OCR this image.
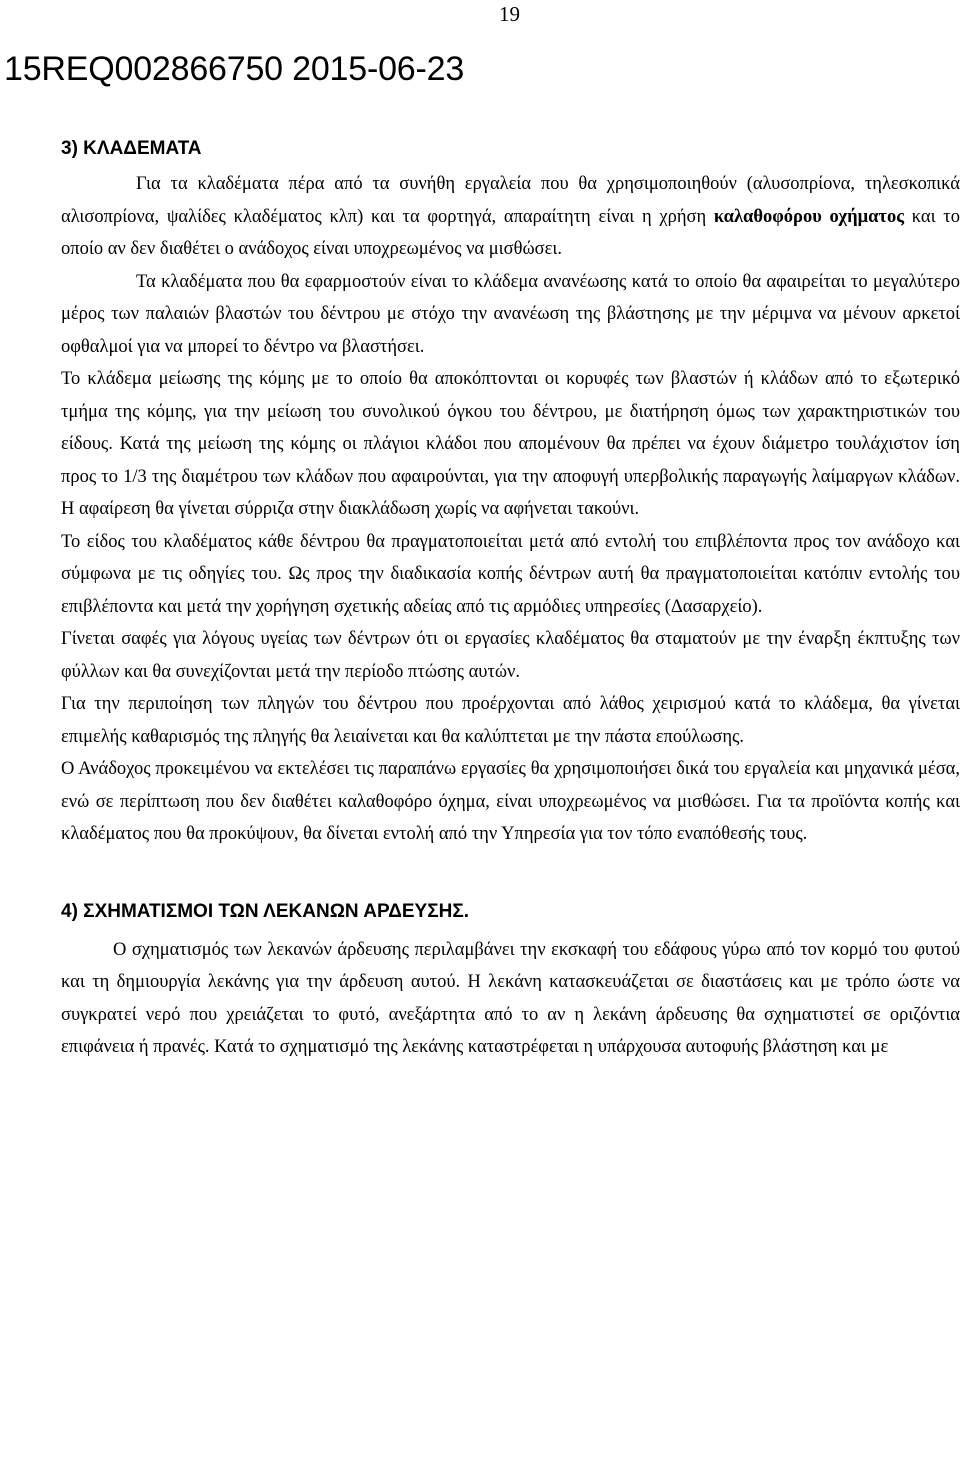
19
15REQ002866750 2015-06-23
3) ΚΛΑΔΕΜΑΤΑ

Για τα κλαδέματα πέρα από τα συνήθη εργαλεία που θα χρησιμοποιηθούν (αλυσοπρίονα, τηλεσκοπικά αλισοπρίονα, ψαλίδες κλαδέματος κλπ) και τα φορτηγά, απαραίτητη είναι η χρήση καλαθοφόρου οχήματος και το οποίο αν δεν διαθέτει ο ανάδοχος είναι υποχρεωμένος να μισθώσει.

Τα κλαδέματα που θα εφαρμοστούν είναι το κλάδεμα ανανέωσης κατά το οποίο θα αφαιρείται το μεγαλύτερο μέρος των παλαιών βλαστών του δέντρου με στόχο την ανανέωση της βλάστησης με την μέριμνα να μένουν αρκετοί οφθαλμοί για να μπορεί το δέντρο να βλαστήσει.

Το κλάδεμα μείωσης της κόμης με το οποίο θα αποκόπτονται οι κορυφές των βλαστών ή κλάδων από το εξωτερικό τμήμα της κόμης, για την μείωση του συνολικού όγκου του δέντρου, με διατήρηση όμως των χαρακτηριστικών του είδους. Κατά της μείωση της κόμης οι πλάγιοι κλάδοι που απομένουν θα πρέπει να έχουν διάμετρο τουλάχιστον ίση προς το 1/3 της διαμέτρου των κλάδων που αφαιρούνται, για την αποφυγή υπερβολικής παραγωγής λαίμαργων κλάδων. Η αφαίρεση θα γίνεται σύρριζα στην διακλάδωση χωρίς να αφήνεται τακούνι.

Το είδος του κλαδέματος κάθε δέντρου θα πραγματοποιείται μετά από εντολή του επιβλέποντα προς τον ανάδοχο και σύμφωνα με τις οδηγίες του. Ως προς την διαδικασία κοπής δέντρων αυτή θα πραγματοποιείται κατόπιν εντολής του επιβλέποντα και μετά την χορήγηση σχετικής αδείας από τις αρμόδιες υπηρεσίες (Δασαρχείο).

Γίνεται σαφές για λόγους υγείας των δέντρων ότι οι εργασίες κλαδέματος θα σταματούν με την έναρξη έκπτυξης των φύλλων και θα συνεχίζονται μετά την περίοδο πτώσης αυτών.

Για την περιποίηση των πληγών του δέντρου που προέρχονται από λάθος χειρισμού κατά το κλάδεμα, θα γίνεται επιμελής καθαρισμός της πληγής θα λειαίνεται και θα καλύπτεται με την πάστα επούλωσης.

Ο Ανάδοχος προκειμένου να εκτελέσει τις παραπάνω εργασίες θα χρησιμοποιήσει δικά του εργαλεία και μηχανικά μέσα, ενώ σε περίπτωση που δεν διαθέτει καλαθοφόρο όχημα, είναι υποχρεωμένος να μισθώσει. Για τα προϊόντα κοπής και κλαδέματος που θα προκύψουν, θα δίνεται εντολή από την Υπηρεσία για τον τόπο εναπόθεσής τους.

4) ΣΧΗΜΑΤΙΣΜΟΙ ΤΩΝ ΛΕΚΑΝΩΝ ΑΡΔΕΥΣΗΣ.

Ο σχηματισμός των λεκανών άρδευσης περιλαμβάνει την εκσκαφή του εδάφους γύρω από τον κορμό του φυτού και τη δημιουργία λεκάνης για την άρδευση αυτού. Η λεκάνη κατασκευάζεται σε διαστάσεις και με τρόπο ώστε να συγκρατεί νερό που χρειάζεται το φυτό, ανεξάρτητα από το αν η λεκάνη άρδευσης θα σχηματιστεί σε οριζόντια επιφάνεια ή πρανές. Κατά το σχηματισμό της λεκάνης καταστρέφεται η υπάρχουσα αυτοφυής βλάστηση και με
